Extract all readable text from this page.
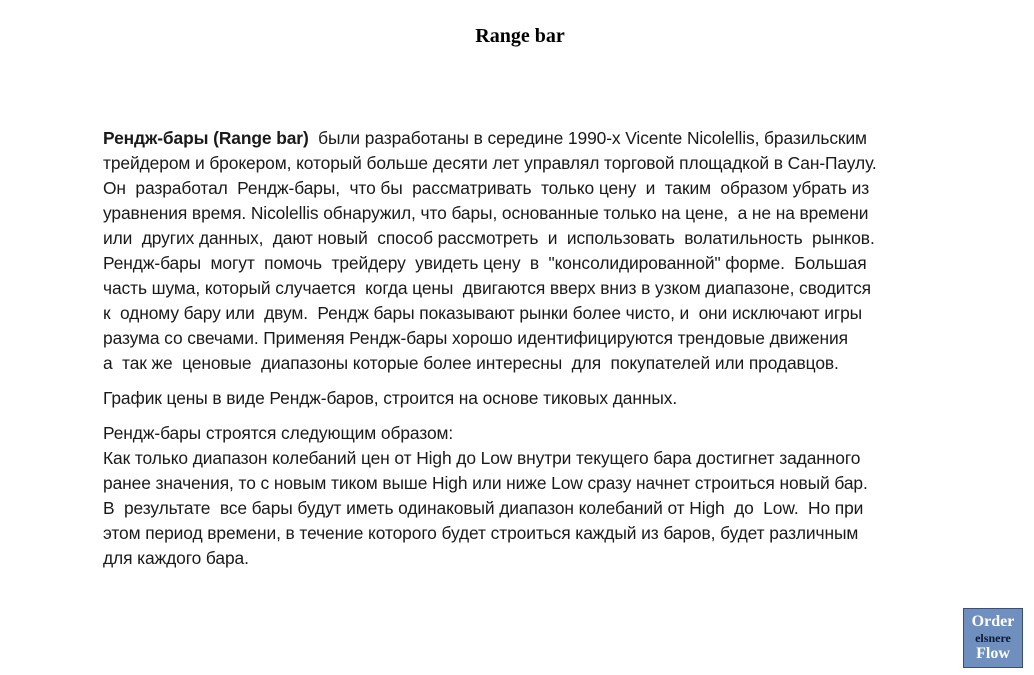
Range bar

Рендж-бары (Range bar)  были разработаны в середине 1990-х Vicente Nicolellis, бразильским
трейдером и брокером, который больше десяти лет управлял торговой площадкой в Сан-Паулу.
Он  разработал  Рендж-бары,  что бы  рассматривать  только цену  и  таким  образом убрать из
уравнения время. Nicolellis обнаружил, что бары, основанные только на цене,  а не на времени
или  других данных,  дают новый  способ рассмотреть  и  использовать  волатильность  рынков.
Рендж-бары  могут  помочь  трейдеру  увидеть цену  в  "консолидированной" форме.  Большая
часть шума, который случается  когда цены  двигаются вверх вниз в узком диапазоне, сводится
к  одному бару или  двум.  Рендж бары показывают рынки более чисто, и  они исключают игры
разума со свечами. Применяя Рендж-бары хорошо идентифицируются трендовые движения
а  так же  ценовые  диапазоны которые более интересны  для  покупателей или продавцов.

График цены в виде Рендж-баров, строится на основе тиковых данных.

Рендж-бары строятся следующим образом:
Как только диапазон колебаний цен от High до Low внутри текущего бара достигнет заданного
ранее значения, то с новым тиком выше High или ниже Low сразу начнет строиться новый бар.
В  результате  все бары будут иметь одинаковый диапазон колебаний от High  до  Low.  Но при
этом период времени, в течение которого будет строиться каждый из баров, будет различным
для каждого бара.

Order
elsnere
Flow
